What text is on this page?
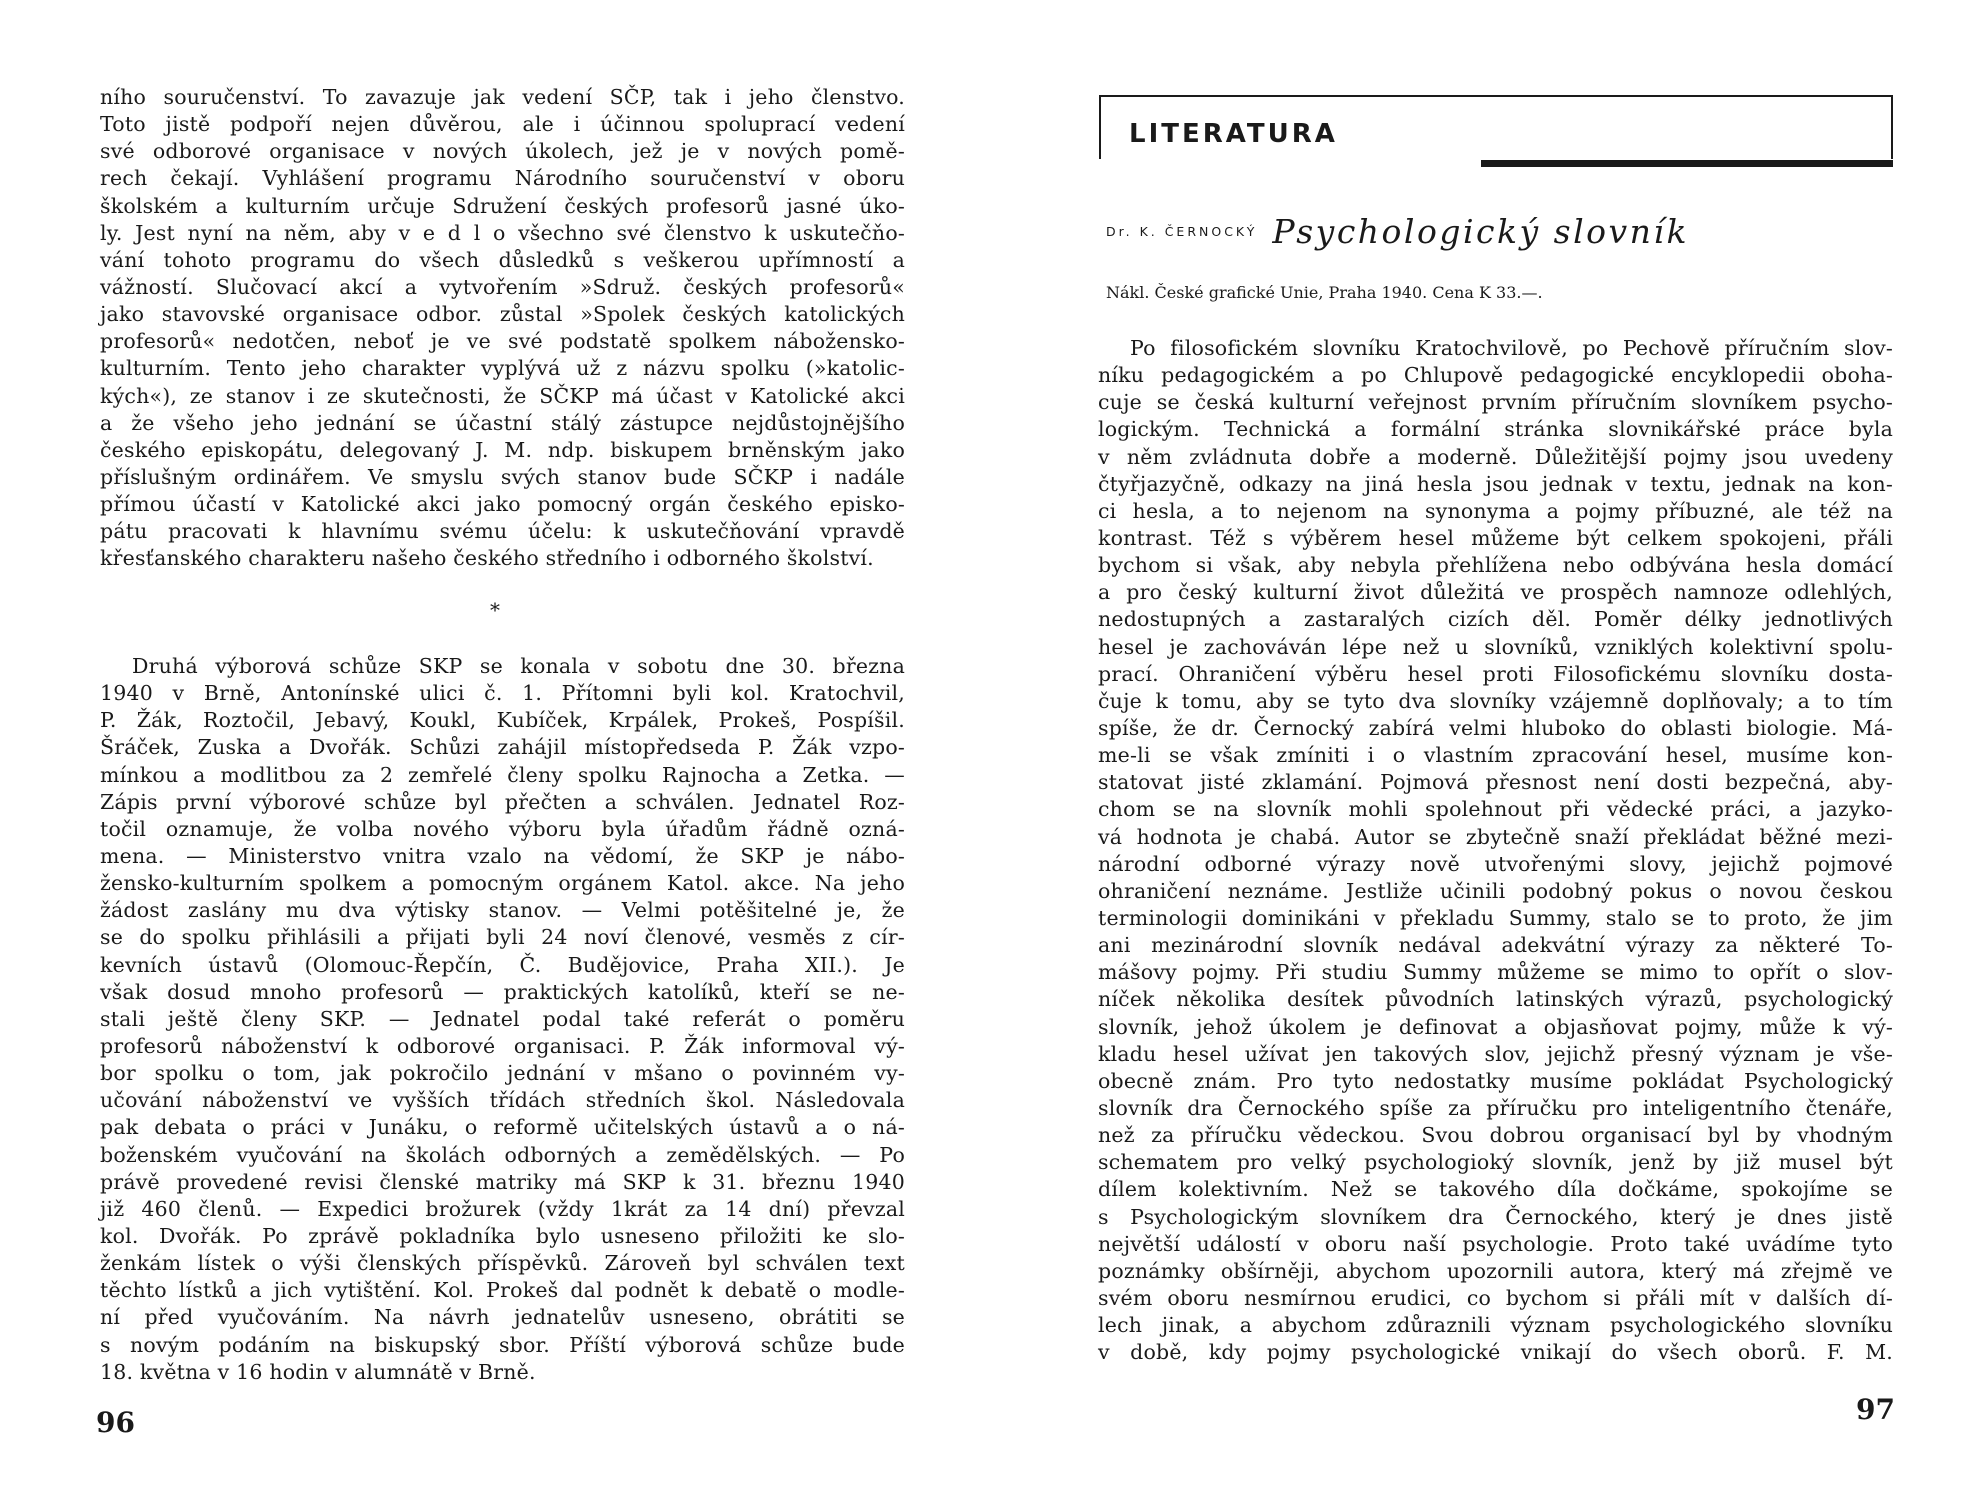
ního souručenství. To zavazuje jak vedení SČP, tak i jeho členstvo.
Toto jistě podpoří nejen důvěrou, ale i účinnou spoluprací vedení
své odborové organisace v nových úkolech, jež je v nových pomě-
rech čekají. Vyhlášení programu Národního souručenství v oboru
školském a kulturním určuje Sdružení českých profesorů jasné úko-
ly. Jest nyní na něm, aby v e d l o všechno své členstvo k uskutečňo-
vání tohoto programu do všech důsledků s veškerou upřímností a
vážností. Slučovací akcí a vytvořením »Sdruž. českých profesorů«
jako stavovské organisace odbor. zůstal »Spolek českých katolických
profesorů« nedotčen, neboť je ve své podstatě spolkem nábožensko-
kulturním. Tento jeho charakter vyplývá už z názvu spolku (»katolic-
kých«), ze stanov i ze skutečnosti, že SČKP má účast v Katolické akci
a že všeho jeho jednání se účastní stálý zástupce nejdůstojnějšího
českého episkopátu, delegovaný J. M. ndp. biskupem brněnským jako
příslušným ordinářem. Ve smyslu svých stanov bude SČKP i nadále
přímou účastí v Katolické akci jako pomocný orgán českého episko-
pátu pracovati k hlavnímu svému účelu: k uskutečňování vpravdě
křesťanského charakteru našeho českého středního i odborného školství.
*
Druhá výborová schůze SKP se konala v sobotu dne 30. března
1940 v Brně, Antonínské ulici č. 1. Přítomni byli kol. Kratochvil,
P. Žák, Roztočil, Jebavý, Koukl, Kubíček, Krpálek, Prokeš, Pospíšil.
Šráček, Zuska a Dvořák. Schůzi zahájil místopředseda P. Žák vzpo-
mínkou a modlitbou za 2 zemřelé členy spolku Rajnocha a Zetka. —
Zápis první výborové schůze byl přečten a schválen. Jednatel Roz-
točil oznamuje, že volba nového výboru byla úřadům řádně ozná-
mena. — Ministerstvo vnitra vzalo na vědomí, že SKP je nábo-
žensko-kulturním spolkem a pomocným orgánem Katol. akce. Na jeho
žádost zaslány mu dva výtisky stanov. — Velmi potěšitelné je, že
se do spolku přihlásili a přijati byli 24 noví členové, vesměs z cír-
kevních ústavů (Olomouc-Řepčín, Č. Budějovice, Praha XII.). Je
však dosud mnoho profesorů — praktických katolíků, kteří se ne-
stali ještě členy SKP. — Jednatel podal také referát o poměru
profesorů náboženství k odborové organisaci. P. Žák informoval vý-
bor spolku o tom, jak pokročilo jednání v mšano o povinném vy-
učování náboženství ve vyšších třídách středních škol. Následovala
pak debata o práci v Junáku, o reformě učitelských ústavů a o ná-
boženském vyučování na školách odborných a zemědělských. — Po
právě provedené revisi členské matriky má SKP k 31. březnu 1940
již 460 členů. — Expedici brožurek (vždy 1krát za 14 dní) převzal
kol. Dvořák. Po zprávě pokladníka bylo usneseno přiložiti ke slo-
ženkám lístek o výši členských příspěvků. Zároveň byl schválen text
těchto lístků a jich vytištění. Kol. Prokeš dal podnět k debatě o modle-
ní před vyučováním. Na návrh jednatelův usneseno, obrátiti se
s novým podáním na biskupský sbor. Příští výborová schůze bude
18. května v 16 hodin v alumnátě v Brně.
96
LITERATURA
Dr. K. ČERNOCKÝ Psychologický slovník
Nákl. České grafické Unie, Praha 1940. Cena K 33.—.
Po filosofickém slovníku Kratochvilově, po Pechově příručním slov-
níku pedagogickém a po Chlupově pedagogické encyklopedii oboha-
cuje se česká kulturní veřejnost prvním příručním slovníkem psycho-
logickým. Technická a formální stránka slovnikářské práce byla
v něm zvládnuta dobře a moderně. Důležitější pojmy jsou uvedeny
čtyřjazyčně, odkazy na jiná hesla jsou jednak v textu, jednak na kon-
ci hesla, a to nejenom na synonyma a pojmy příbuzné, ale též na
kontrast. Též s výběrem hesel můžeme být celkem spokojeni, přáli
bychom si však, aby nebyla přehlížena nebo odbývána hesla domácí
a pro český kulturní život důležitá ve prospěch namnoze odlehlých,
nedostupných a zastaralých cizích děl. Poměr délky jednotlivých
hesel je zachováván lépe než u slovníků, vzniklých kolektivní spolu-
prací. Ohraničení výběru hesel proti Filosofickému slovníku dosta-
čuje k tomu, aby se tyto dva slovníky vzájemně doplňovaly; a to tím
spíše, že dr. Černocký zabírá velmi hluboko do oblasti biologie. Má-
me-li se však zmíniti i o vlastním zpracování hesel, musíme kon-
statovat jisté zklamání. Pojmová přesnost není dosti bezpečná, aby-
chom se na slovník mohli spolehnout při vědecké práci, a jazyko-
vá hodnota je chabá. Autor se zbytečně snaží překládat běžné mezi-
národní odborné výrazy nově utvořenými slovy, jejichž pojmové
ohraničení neznáme. Jestliže učinili podobný pokus o novou českou
terminologii dominikáni v překladu Summy, stalo se to proto, že jim
ani mezinárodní slovník nedával adekvátní výrazy za některé To-
mášovy pojmy. Při studiu Summy můžeme se mimo to opřít o slov-
níček několika desítek původních latinských výrazů, psychologický
slovník, jehož úkolem je definovat a objasňovat pojmy, může k vý-
kladu hesel užívat jen takových slov, jejichž přesný význam je vše-
obecně znám. Pro tyto nedostatky musíme pokládat Psychologický
slovník dra Černockého spíše za příručku pro inteligentního čtenáře,
než za příručku vědeckou. Svou dobrou organisací byl by vhodným
schematem pro velký psychologioký slovník, jenž by již musel být
dílem kolektivním. Než se takového díla dočkáme, spokojíme se
s Psychologickým slovníkem dra Černockého, který je dnes jistě
největší událostí v oboru naší psychologie. Proto také uvádíme tyto
poznámky obšírněji, abychom upozornili autora, který má zřejmě ve
svém oboru nesmírnou erudici, co bychom si přáli mít v dalších dí-
lech jinak, a abychom zdůraznili význam psychologického slovníku
v době, kdy pojmy psychologické vnikají do všech oborů. F. M.
97
